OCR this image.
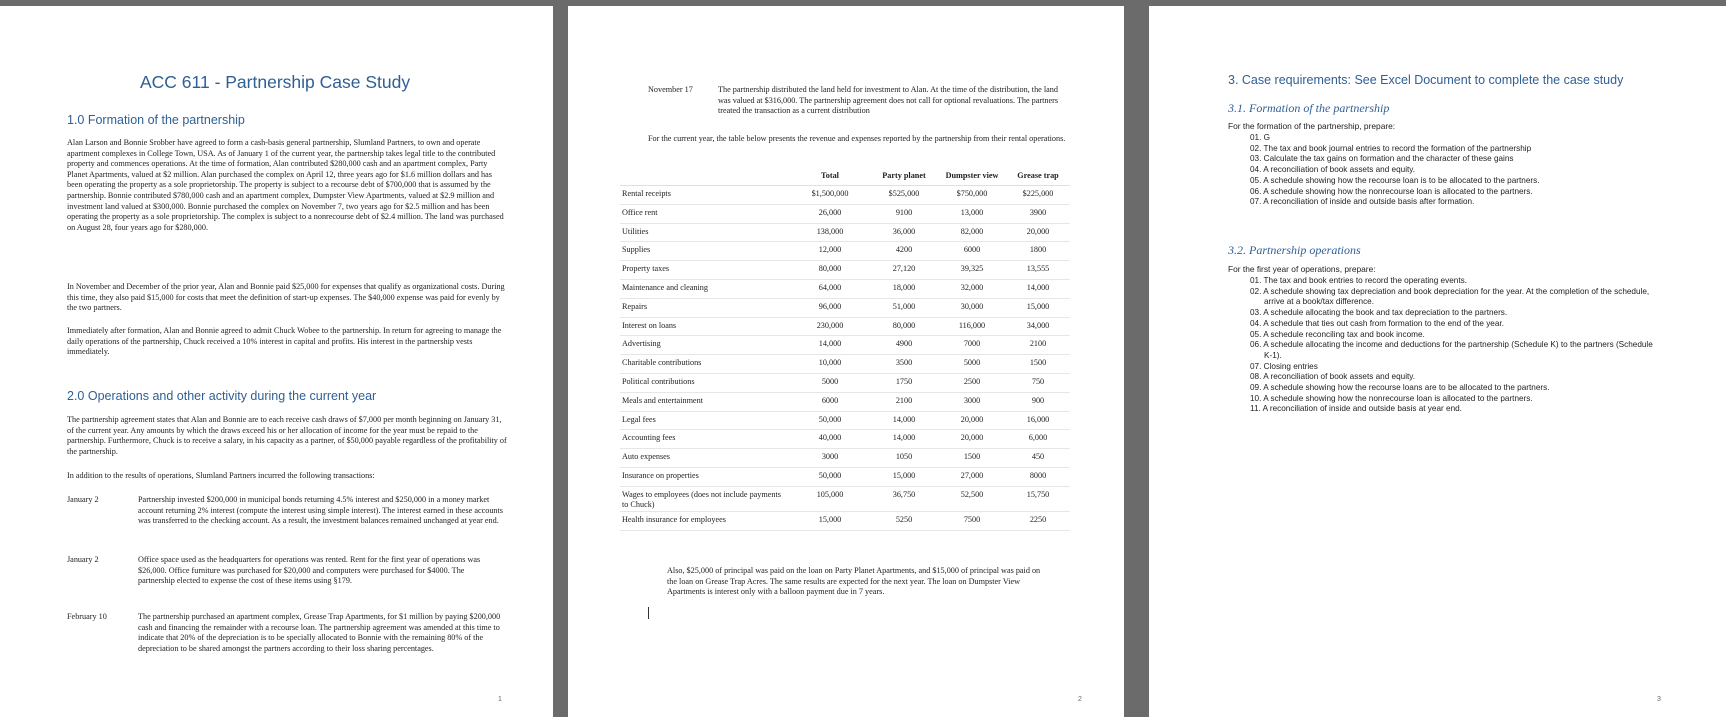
ACC 611 - Partnership Case Study
1.0 Formation of the partnership
Alan Larson and Bonnie Srobber have agreed to form a cash-basis general partnership, Slumland Partners, to own and operate apartment complexes in College Town, USA. As of January 1 of the current year, the partnership takes legal title to the contributed property and commences operations. At the time of formation, Alan contributed $280,000 cash and an apartment complex, Party Planet Apartments, valued at $2 million. Alan purchased the complex on April 12, three years ago for $1.6 million dollars and has been operating the property as a sole proprietorship. The property is subject to a recourse debt of $700,000 that is assumed by the partnership. Bonnie contributed $780,000 cash and an apartment complex, Dumpster View Apartments, valued at $2.9 million and investment land valued at $300,000. Bonnie purchased the complex on November 7, two years ago for $2.5 million and has been operating the property as a sole proprietorship. The complex is subject to a nonrecourse debt of $2.4 million. The land was purchased on August 28, four years ago for $280,000.
In November and December of the prior year, Alan and Bonnie paid $25,000 for expenses that qualify as organizational costs. During this time, they also paid $15,000 for costs that meet the definition of start-up expenses. The $40,000 expense was paid for evenly by the two partners.
Immediately after formation, Alan and Bonnie agreed to admit Chuck Wobee to the partnership. In return for agreeing to manage the daily operations of the partnership, Chuck received a 10% interest in capital and profits. His interest in the partnership vests immediately.
2.0 Operations and other activity during the current year
The partnership agreement states that Alan and Bonnie are to each receive cash draws of $7,000 per month beginning on January 31, of the current year. Any amounts by which the draws exceed his or her allocation of income for the year must be repaid to the partnership. Furthermore, Chuck is to receive a salary, in his capacity as a partner, of $50,000 payable regardless of the profitability of the partnership.
In addition to the results of operations, Slumland Partners incurred the following transactions:
January 2	Partnership invested $200,000 in municipal bonds returning 4.5% interest and $250,000 in a money market account returning 2% interest (compute the interest using simple interest). The interest earned in these accounts was transferred to the checking account. As a result, the investment balances remained unchanged at year end.
January 2	Office space used as the headquarters for operations was rented. Rent for the first year of operations was $26,000. Office furniture was purchased for $20,000 and computers were purchased for $4000. The partnership elected to expense the cost of these items using §179.
February 10	The partnership purchased an apartment complex, Grease Trap Apartments, for $1 million by paying $200,000 cash and financing the remainder with a recourse loan. The partnership agreement was amended at this time to indicate that 20% of the depreciation is to be specially allocated to Bonnie with the remaining 80% of the depreciation to be shared amongst the partners according to their loss sharing percentages.
1
November 17	The partnership distributed the land held for investment to Alan. At the time of the distribution, the land was valued at $316,000. The partnership agreement does not call for optional revaluations. The partners treated the transaction as a current distribution
For the current year, the table below presents the revenue and expenses reported by the partnership from their rental operations.
	Total	Party planet	Dumpster view	Grease trap
Rental receipts	$1,500,000	$525,000	$750,000	$225,000
Office rent	26,000	9100	13,000	3900
Utilities	138,000	36,000	82,000	20,000
Supplies	12,000	4200	6000	1800
Property taxes	80,000	27,120	39,325	13,555
Maintenance and cleaning	64,000	18,000	32,000	14,000
Repairs	96,000	51,000	30,000	15,000
Interest on loans	230,000	80,000	116,000	34,000
Advertising	14,000	4900	7000	2100
Charitable contributions	10,000	3500	5000	1500
Political contributions	5000	1750	2500	750
Meals and entertainment	6000	2100	3000	900
Legal fees	50,000	14,000	20,000	16,000
Accounting fees	40,000	14,000	20,000	6,000
Auto expenses	3000	1050	1500	450
Insurance on properties	50,000	15,000	27,000	8000
Wages to employees (does not include payments to Chuck)	105,000	36,750	52,500	15,750
Health insurance for employees	15,000	5250	7500	2250
Also, $25,000 of principal was paid on the loan on Party Planet Apartments, and $15,000 of principal was paid on the loan on Grease Trap Acres. The same results are expected for the next year. The loan on Dumpster View Apartments is interest only with a balloon payment due in 7 years.
2
3. Case requirements: See Excel Document to complete the case study
3.1. Formation of the partnership
For the formation of the partnership, prepare:
01. G
02. The tax and book journal entries to record the formation of the partnership
03. Calculate the tax gains on formation and the character of these gains
04. A reconciliation of book assets and equity.
05. A schedule showing how the recourse loan is to be allocated to the partners.
06. A schedule showing how the nonrecourse loan is allocated to the partners.
07. A reconciliation of inside and outside basis after formation.
3.2. Partnership operations
For the first year of operations, prepare:
01. The tax and book entries to record the operating events.
02. A schedule showing tax depreciation and book depreciation for the year. At the completion of the schedule, arrive at a book/tax difference.
03. A schedule allocating the book and tax depreciation to the partners.
04. A schedule that ties out cash from formation to the end of the year.
05. A schedule reconciling tax and book income.
06. A schedule allocating the income and deductions for the partnership (Schedule K) to the partners (Schedule K-1).
07. Closing entries
08. A reconciliation of book assets and equity.
09. A schedule showing how the recourse loans are to be allocated to the partners.
10. A schedule showing how the nonrecourse loan is allocated to the partners.
11. A reconciliation of inside and outside basis at year end.
3
